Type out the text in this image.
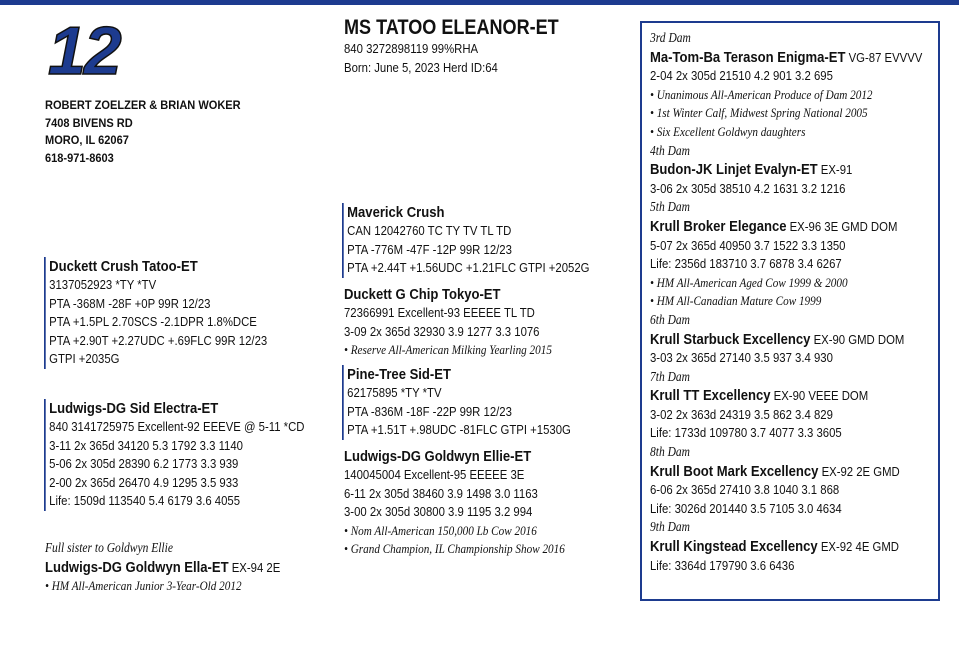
12
ROBERT ZOELZER & BRIAN WOKER
7408 BIVENS RD
MORO, IL 62067
618-971-8603
MS TATOO ELEANOR-ET
840 3272898119 99%RHA
Born: June 5, 2023 Herd ID:64
Duckett Crush Tatoo-ET
3137052923 *TY *TV
PTA -368M -28F +0P 99R 12/23
PTA +1.5PL 2.70SCS -2.1DPR 1.8%DCE
PTA +2.90T +2.27UDC +.69FLC 99R 12/23
GTPI +2035G
Ludwigs-DG Sid Electra-ET
840 3141725975 Excellent-92 EEEVE @ 5-11 *CD
3-11 2x 365d 34120 5.3 1792 3.3 1140
5-06 2x 305d 28390 6.2 1773 3.3 939
2-00 2x 365d 26470 4.9 1295 3.5 933
Life: 1509d 113540 5.4 6179 3.6 4055
Full sister to Goldwyn Ellie
Ludwigs-DG Goldwyn Ella-ET EX-94 2E
• HM All-American Junior 3-Year-Old 2012
Maverick Crush
CAN 12042760 TC TY TV TL TD
PTA -776M -47F -12P 99R 12/23
PTA +2.44T +1.56UDC +1.21FLC GTPI +2052G
Duckett G Chip Tokyo-ET
72366991 Excellent-93 EEEEE TL TD
3-09 2x 365d 32930 3.9 1277 3.3 1076
• Reserve All-American Milking Yearling 2015
Pine-Tree Sid-ET
62175895 *TY *TV
PTA -836M -18F -22P 99R 12/23
PTA +1.51T +.98UDC -81FLC GTPI +1530G
Ludwigs-DG Goldwyn Ellie-ET
140045004 Excellent-95 EEEEE 3E
6-11 2x 305d 38460 3.9 1498 3.0 1163
3-00 2x 305d 30800 3.9 1195 3.2 994
• Nom All-American 150,000 Lb Cow 2016
• Grand Champion, IL Championship Show 2016
3rd Dam
Ma-Tom-Ba Terason Enigma-ET VG-87 EVVVV
2-04 2x 305d 21510 4.2 901 3.2 695
• Unanimous All-American Produce of Dam 2012
• 1st Winter Calf, Midwest Spring National 2005
• Six Excellent Goldwyn daughters
4th Dam
Budon-JK Linjet Evalyn-ET EX-91
3-06 2x 305d 38510 4.2 1631 3.2 1216
5th Dam
Krull Broker Elegance EX-96 3E GMD DOM
5-07 2x 365d 40950 3.7 1522 3.3 1350
Life: 2356d 183710 3.7 6878 3.4 6267
• HM All-American Aged Cow 1999 & 2000
• HM All-Canadian Mature Cow 1999
6th Dam
Krull Starbuck Excellency EX-90 GMD DOM
3-03 2x 365d 27140 3.5 937 3.4 930
7th Dam
Krull TT Excellency EX-90 VEEE DOM
3-02 2x 363d 24319 3.5 862 3.4 829
Life: 1733d 109780 3.7 4077 3.3 3605
8th Dam
Krull Boot Mark Excellency EX-92 2E GMD
6-06 2x 365d 27410 3.8 1040 3.1 868
Life: 3026d 201440 3.5 7105 3.0 4634
9th Dam
Krull Kingstead Excellency EX-92 4E GMD
Life: 3364d 179790 3.6 6436
